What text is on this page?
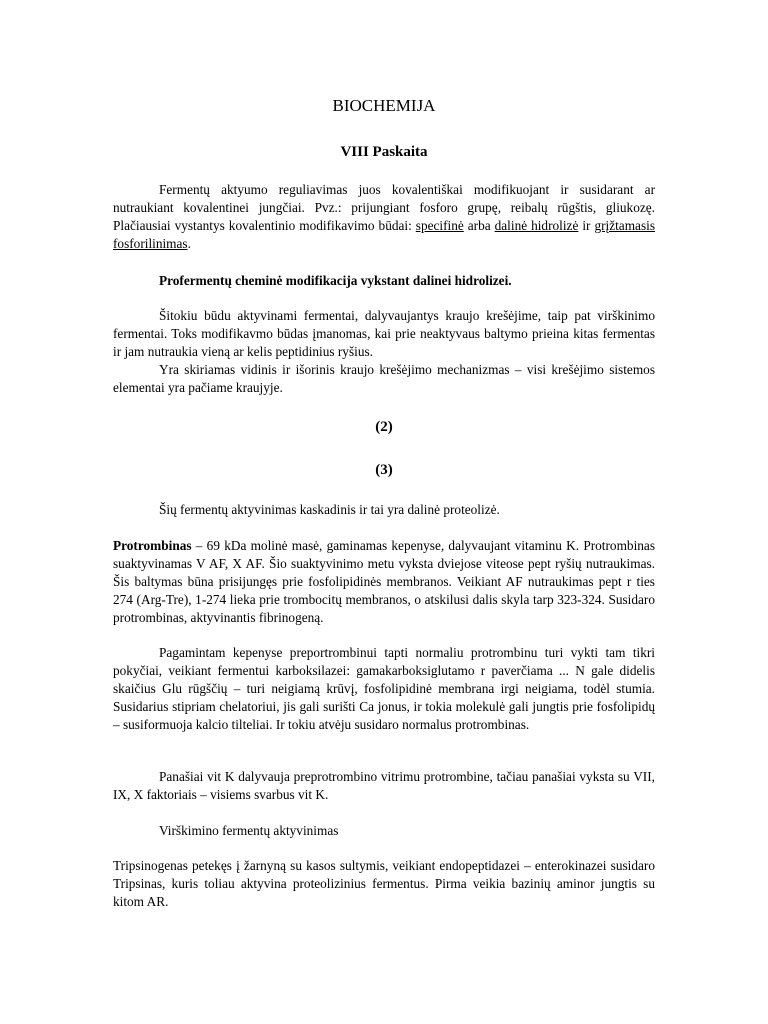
BIOCHEMIJA
VIII Paskaita

Fermentų aktyumo reguliavimas juos kovalentiškai modifikuojant ir susidarant ar nutraukiant kovalentinei jungčiai. Pvz.: prijungiant fosforo grupę, reibalų rūgštis, gliukozę. Plačiausiai vystantys kovalentinio modifikavimo būdai: specifinė arba dalinė hidrolizė ir grįžtamasis fosforilinimas.

Profermentų cheminė modifikacija vykstant dalinei hidrolizei.

Šitokiu būdu aktyvinami fermentai, dalyvaujantys kraujo krešėjime, taip pat virškinimo fermentai. Toks modifikavmo būdas įmanomas, kai prie neaktyvaus baltymo prieina kitas fermentas ir jam nutraukia vieną ar kelis peptidinius ryšius.

Yra skiriamas vidinis ir išorinis kraujo krešėjimo mechanizmas – visi krešėjimo sistemos elementai yra pačiame kraujyje.

(2)

(3)

Šių fermentų aktyvinimas kaskadinis ir tai yra dalinė proteolizė.

Protrombinas – 69 kDa molinė masė, gaminamas kepenyse, dalyvaujant vitaminu K. Protrombinas suaktyvinamas V AF, X AF. Šio suaktyvinimo metu vyksta dviejose viteose pept ryšių nutraukimas. Šis baltymas būna prisijungęs prie fosfolipidinės membranos. Veikiant AF nutraukimas pept r ties 274 (Arg-Tre), 1-274 lieka prie trombocitų membranos, o atskilusi dalis skyla tarp 323-324. Susidaro protrombinas, aktyvinantis fibrinogeną.

Pagamintam kepenyse preportrombinui tapti normaliu protrombinu turi vykti tam tikri pokyčiai, veikiant fermentui karboksilazei: gamakarboksiglutamo r paverčiama ... N gale didelis skaičius Glu rūgščių – turi neigiamą krūvį, fosfolipidinė membrana irgi neigiama, todėl stumia. Susidarius stipriam chelatoriui, jis gali surišti Ca jonus, ir tokia molekulė gali jungtis prie fosfolipidų – susiformuoja kalcio tilteliai. Ir tokiu atvėju susidaro normalus protrombinas.

Panašiai vit K dalyvauja preprotrombino vitrimu protrombine, tačiau panašiai vyksta su VII, IX, X faktoriais – visiems svarbus vit K.

Virškimino fermentų aktyvinimas

Tripsinogenas petekęs į žarnyną su kasos sultymis, veikiant endopeptidazei – enterokinazei susidaro Tripsinas, kuris toliau aktyvina proteolizinius fermentus. Pirma veikia bazinių aminor jungtis su kitom AR.
